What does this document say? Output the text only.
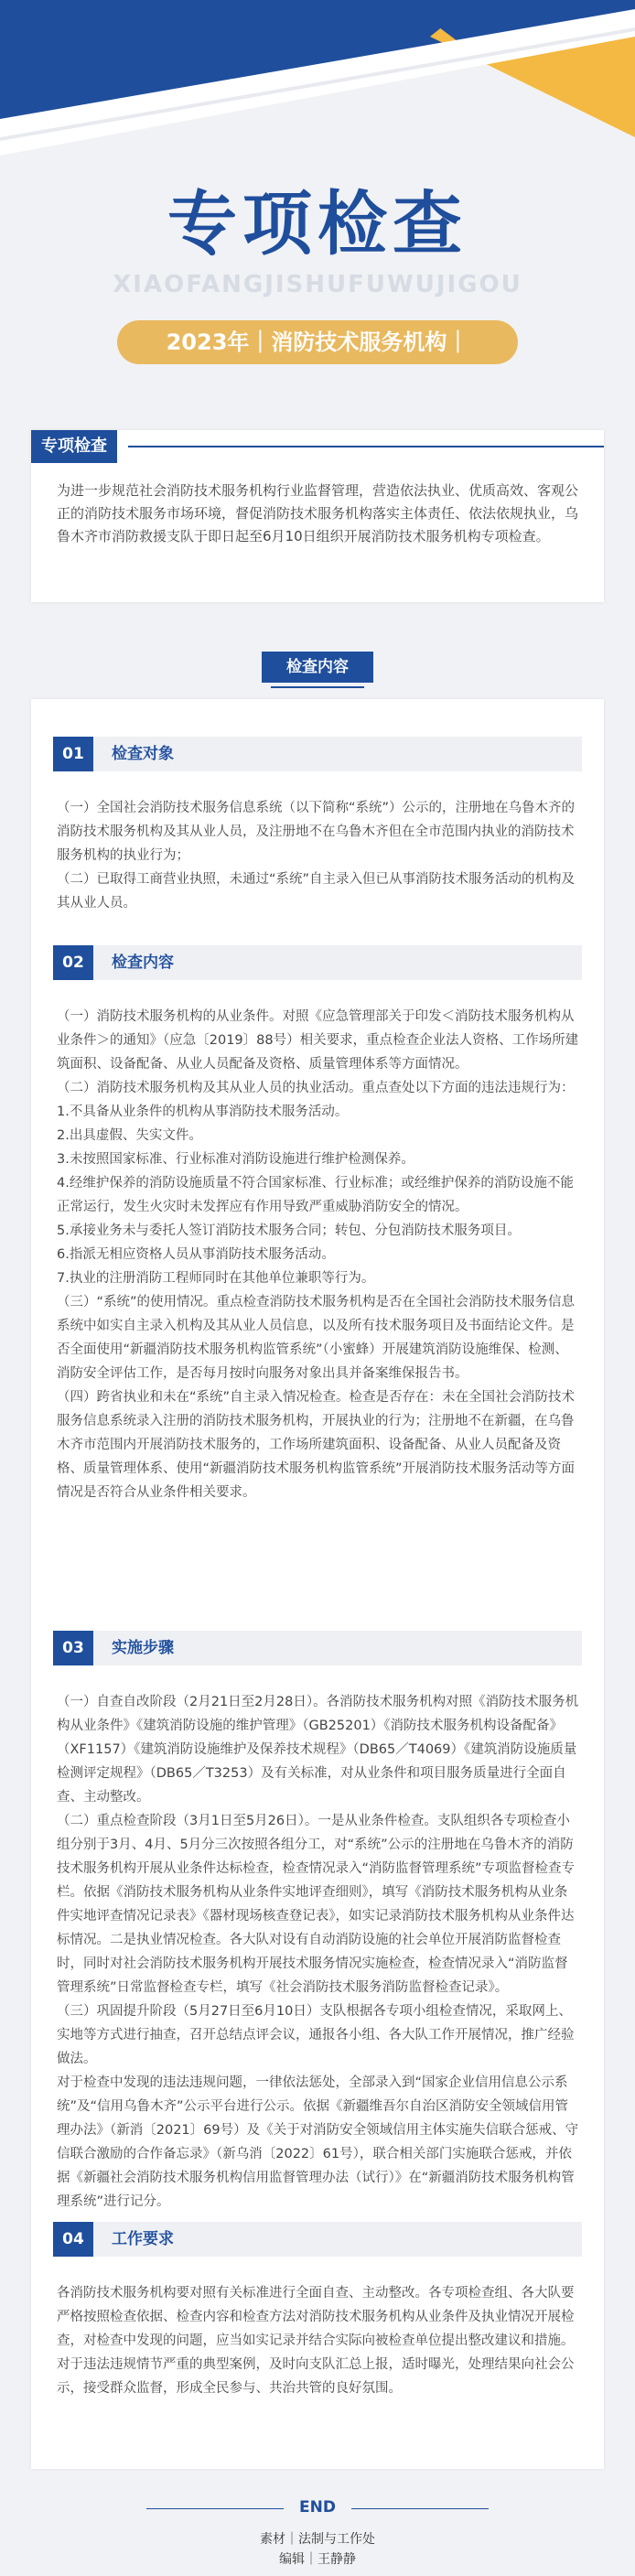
专项检查
XIAOFANGJISHUFUWUJIGOU
2023年｜消防技术服务机构｜
专项检查
为进一步规范社会消防技术服务机构行业监督管理，营造依法执业、优质高效、客观公正的消防技术服务市场环境，督促消防技术服务机构落实主体责任、依法依规执业，乌鲁木齐市消防救援支队于即日起至6月10日组织开展消防技术服务机构专项检查。
检查内容
01	检查对象

（一）全国社会消防技术服务信息系统（以下简称“系统”）公示的，注册地在乌鲁木齐的消防技术服务机构及其从业人员，及注册地不在乌鲁木齐但在全市范围内执业的消防技术服务机构的执业行为；

（二）已取得工商营业执照，未通过“系统”自主录入但已从事消防技术服务活动的机构及其从业人员。

02	检查内容

（一）消防技术服务机构的从业条件。对照《应急管理部关于印发＜消防技术服务机构从业条件＞的通知》（应急〔2019〕88号）相关要求，重点检查企业法人资格、工作场所建筑面积、设备配备、从业人员配备及资格、质量管理体系等方面情况。

（二）消防技术服务机构及其从业人员的执业活动。重点查处以下方面的违法违规行为：

1.不具备从业条件的机构从事消防技术服务活动。

2.出具虚假、失实文件。

3.未按照国家标准、行业标准对消防设施进行维护检测保养。

4.经维护保养的消防设施质量不符合国家标准、行业标准；或经维护保养的消防设施不能正常运行，发生火灾时未发挥应有作用导致严重威胁消防安全的情况。

5.承接业务未与委托人签订消防技术服务合同；转包、分包消防技术服务项目。

6.指派无相应资格人员从事消防技术服务活动。

7.执业的注册消防工程师同时在其他单位兼职等行为。

（三）“系统”的使用情况。重点检查消防技术服务机构是否在全国社会消防技术服务信息系统中如实自主录入机构及其从业人员信息，以及所有技术服务项目及书面结论文件。是否全面使用“新疆消防技术服务机构监管系统”（小蜜蜂）开展建筑消防设施维保、检测、消防安全评估工作，是否每月按时向服务对象出具并备案维保报告书。

（四）跨省执业和未在“系统”自主录入情况检查。检查是否存在：未在全国社会消防技术服务信息系统录入注册的消防技术服务机构，开展执业的行为；注册地不在新疆，在乌鲁木齐市范围内开展消防技术服务的，工作场所建筑面积、设备配备、从业人员配备及资格、质量管理体系、使用“新疆消防技术服务机构监管系统”开展消防技术服务活动等方面情况是否符合从业条件相关要求。

03	实施步骤

（一）自查自改阶段（2月21日至2月28日）。各消防技术服务机构对照《消防技术服务机构从业条件》《建筑消防设施的维护管理》（GB25201）《消防技术服务机构设备配备》（XF1157）《建筑消防设施维护及保养技术规程》（DB65／T4069）《建筑消防设施质量检测评定规程》（DB65／T3253）及有关标准，对从业条件和项目服务质量进行全面自查、主动整改。

（二）重点检查阶段（3月1日至5月26日）。一是从业条件检查。支队组织各专项检查小组分别于3月、4月、5月分三次按照各组分工，对“系统”公示的注册地在乌鲁木齐的消防技术服务机构开展从业条件达标检查，检查情况录入“消防监督管理系统”专项监督检查专栏。依据《消防技术服务机构从业条件实地评查细则》，填写《消防技术服务机构从业条件实地评查情况记录表》《器材现场核查登记表》，如实记录消防技术服务机构从业条件达标情况。二是执业情况检查。各大队对设有自动消防设施的社会单位开展消防监督检查时，同时对社会消防技术服务机构开展技术服务情况实施检查，检查情况录入“消防监督管理系统”日常监督检查专栏，填写《社会消防技术服务消防监督检查记录》。

（三）巩固提升阶段（5月27日至6月10日）支队根据各专项小组检查情况，采取网上、实地等方式进行抽查，召开总结点评会议，通报各小组、各大队工作开展情况，推广经验做法。

对于检查中发现的违法违规问题，一律依法惩处，全部录入到“国家企业信用信息公示系统”及“信用乌鲁木齐”公示平台进行公示。依据《新疆维吾尔自治区消防安全领域信用管理办法》（新消〔2021〕69号）及《关于对消防安全领域信用主体实施失信联合惩戒、守信联合激励的合作备忘录》（新乌消〔2022〕61号），联合相关部门实施联合惩戒，并依据《新疆社会消防技术服务机构信用监督管理办法（试行）》在“新疆消防技术服务机构管理系统”进行记分。

04	工作要求

各消防技术服务机构要对照有关标准进行全面自查、主动整改。各专项检查组、各大队要严格按照检查依据、检查内容和检查方法对消防技术服务机构从业条件及执业情况开展检查，对检查中发现的问题，应当如实记录并结合实际向被检查单位提出整改建议和措施。对于违法违规情节严重的典型案例，及时向支队汇总上报，适时曝光，处理结果向社会公示，接受群众监督，形成全民参与、共治共管的良好氛围。

END
素材｜法制与工作处
编辑｜王静静
